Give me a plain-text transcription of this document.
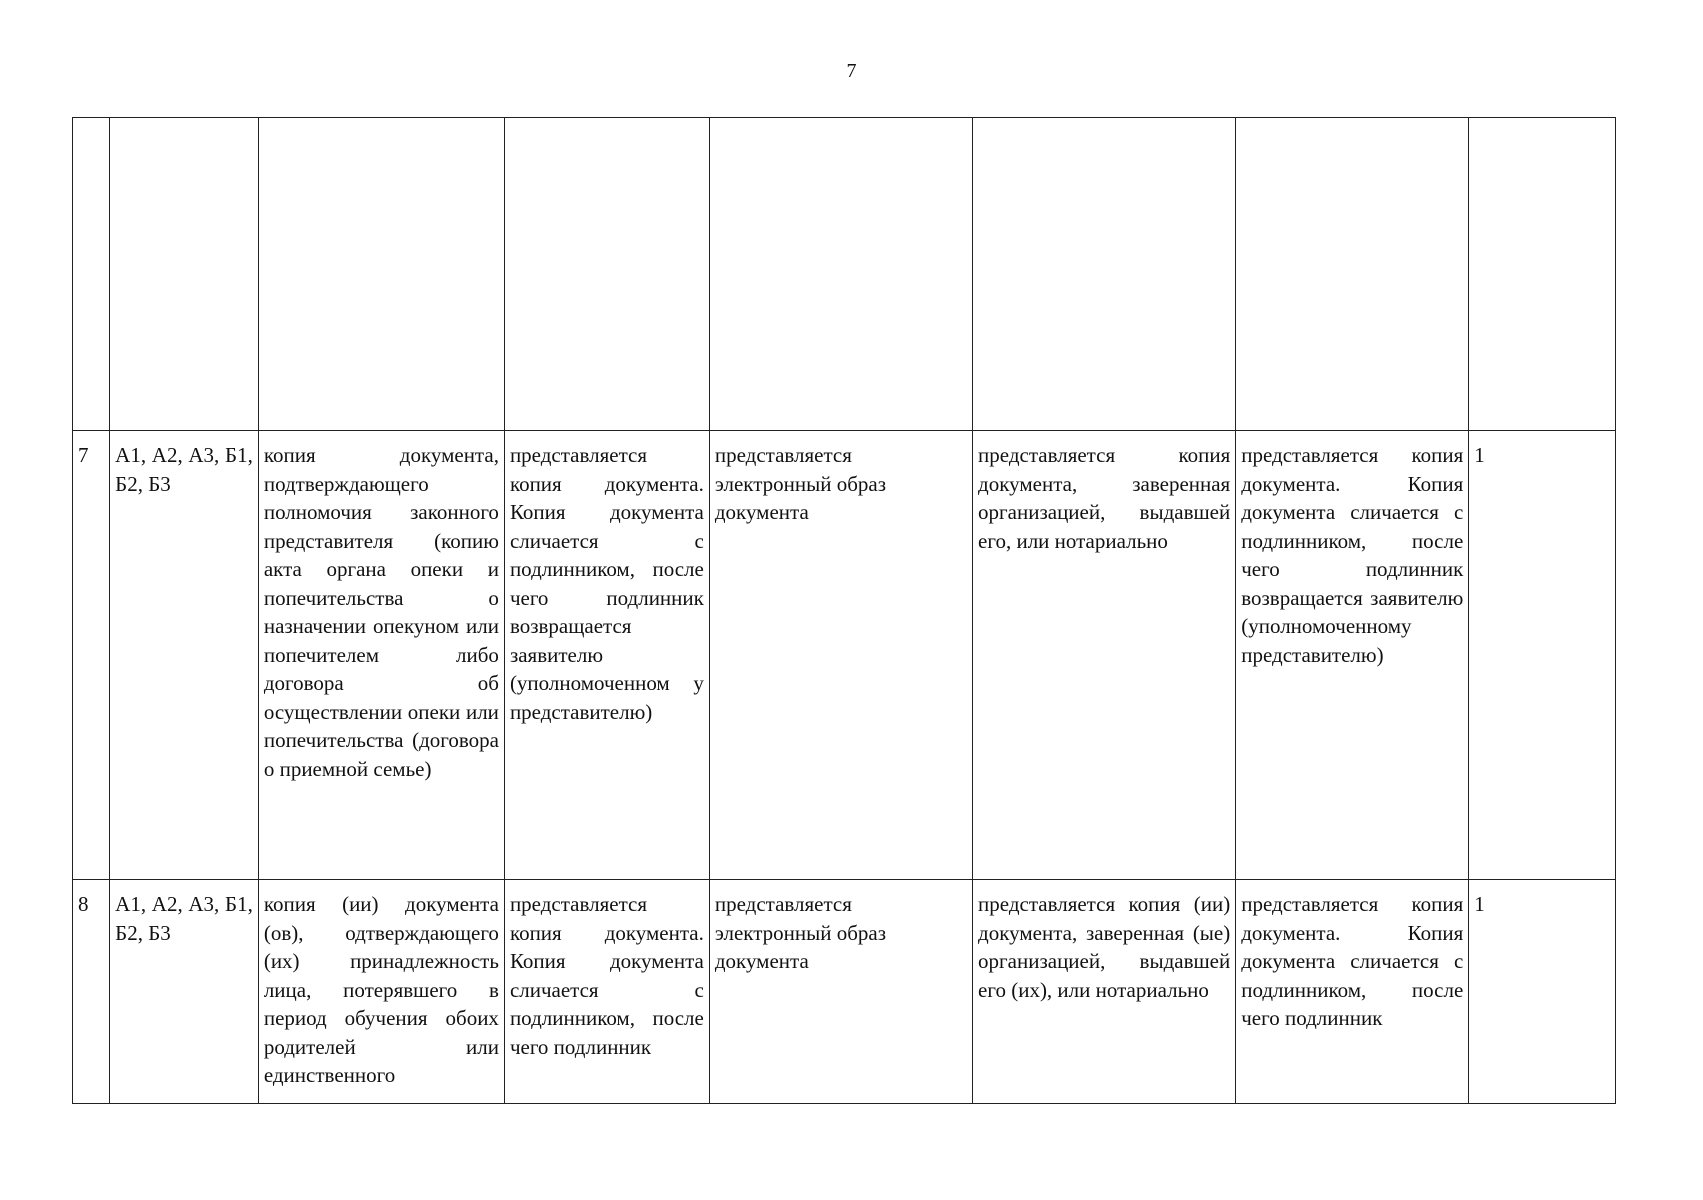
7

7	А1, А2, А3, Б1, Б2, Б3	копия документа, подтверждающего полномочия законного представителя (копию акта органа опеки и попечительства о назначении опекуном или попечителем либо договора об осуществлении опеки или попечительства (договора о приемной семье)	представляется копия документа. Копия документа сличается с подлинником, после чего подлинник возвращается заявителю (уполномоченном у представителю)	представляется электронный образ документа	представляется копия документа, заверенная организацией, выдавшей его, или нотариально	представляется копия документа. Копия документа сличается с подлинником, после чего подлинник возвращается заявителю (уполномоченному представителю)	1
8	А1, А2, А3, Б1, Б2, Б3	копия (ии) документа (ов), одтверждающего (их) принадлежность лица, потерявшего в период обучения обоих родителей или единственного	представляется копия документа. Копия документа сличается с подлинником, после чего подлинник	представляется электронный образ документа	представляется копия (ии) документа, заверенная (ые) организацией, выдавшей его (их), или нотариально	представляется копия документа. Копия документа сличается с подлинником, после чего подлинник	1
